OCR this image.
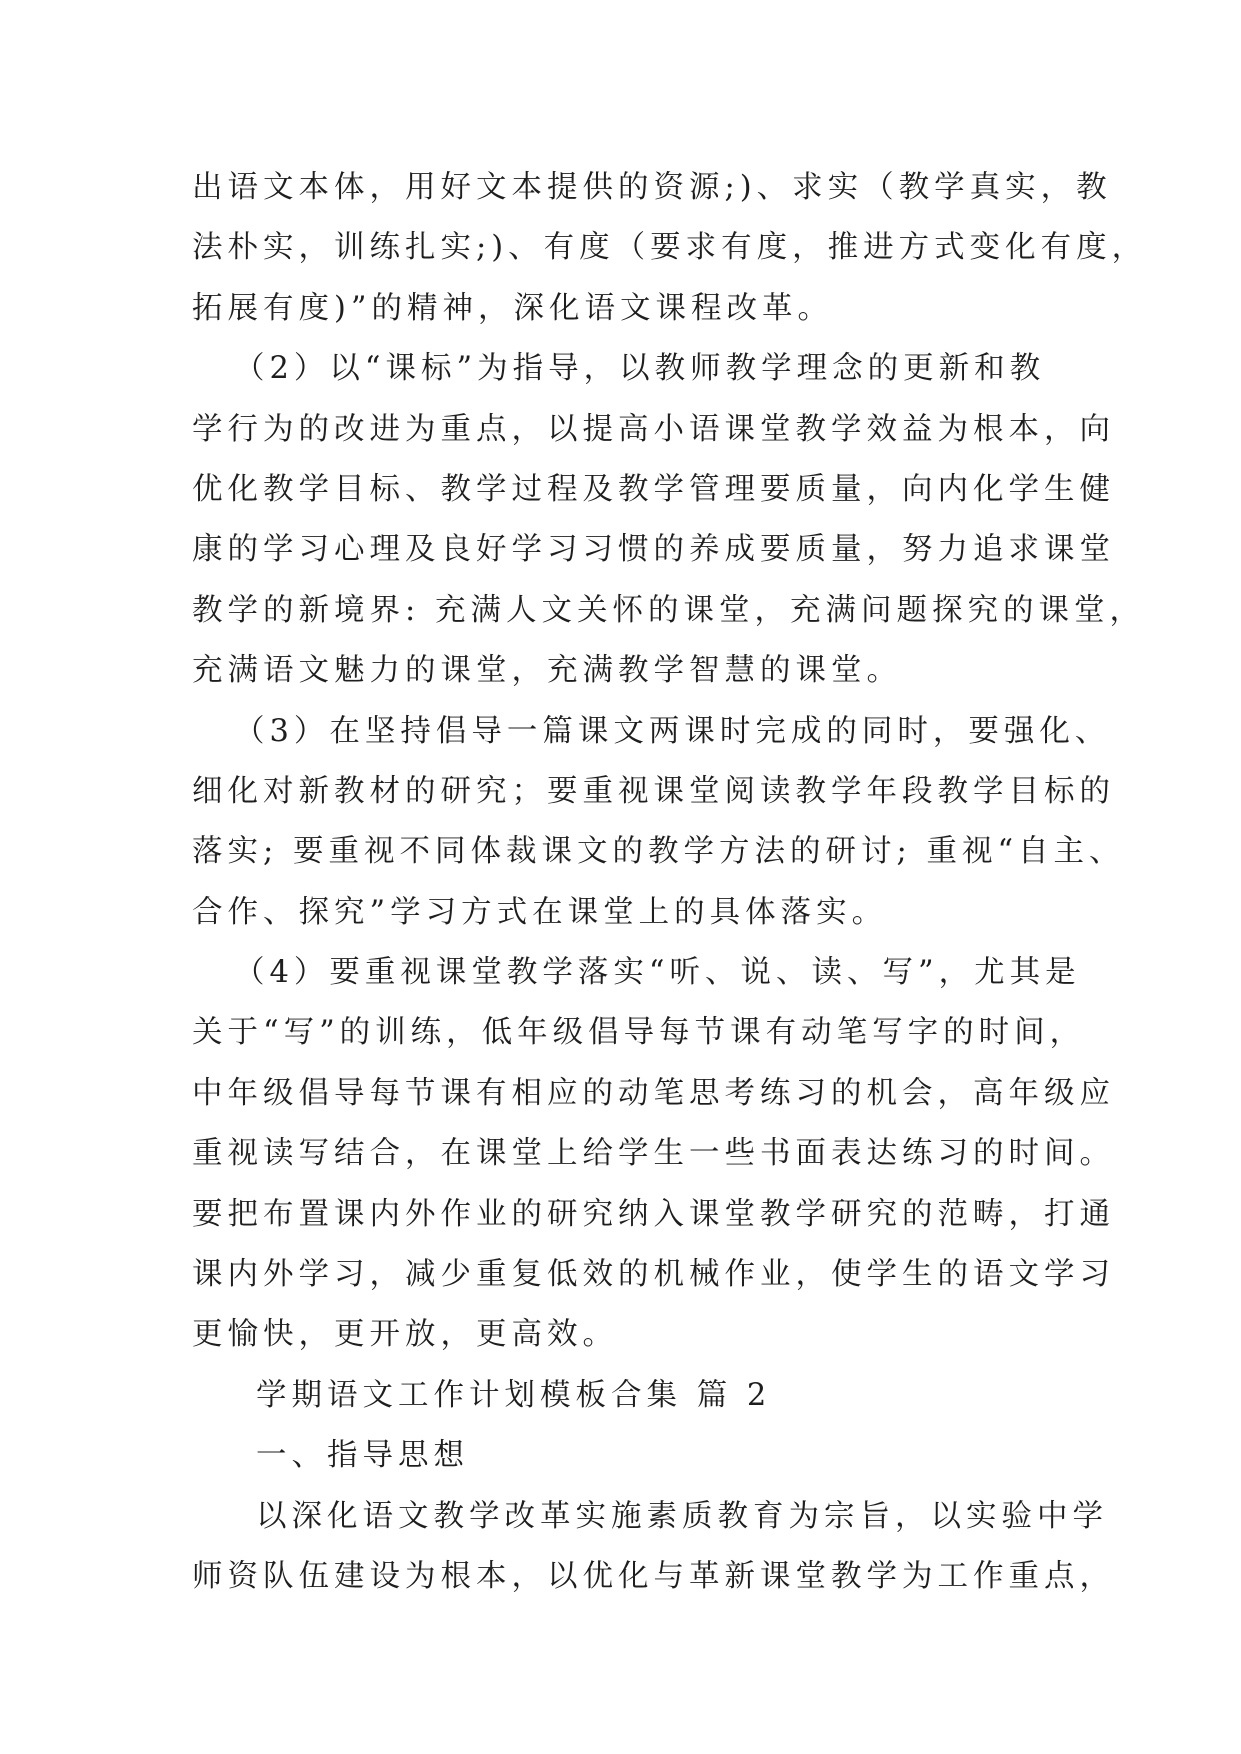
出语文本体，用好文本提供的资源;)、求实（教学真实，教
法朴实，训练扎实;)、有度（要求有度，推进方式变化有度，
拓展有度)”的精神，深化语文课程改革。
（2）以“课标”为指导，以教师教学理念的更新和教
学行为的改进为重点，以提高小语课堂教学效益为根本，向
优化教学目标、教学过程及教学管理要质量，向内化学生健
康的学习心理及良好学习习惯的养成要质量，努力追求课堂
教学的新境界: 充满人文关怀的课堂，充满问题探究的课堂，
充满语文魅力的课堂，充满教学智慧的课堂。
（3）在坚持倡导一篇课文两课时完成的同时，要强化、
细化对新教材的研究；要重视课堂阅读教学年段教学目标的
落实; 要重视不同体裁课文的教学方法的研讨; 重视“自主、
合作、探究”学习方式在课堂上的具体落实。
（4）要重视课堂教学落实“听、说、读、写”，尤其是
关于“写”的训练，低年级倡导每节课有动笔写字的时间，
中年级倡导每节课有相应的动笔思考练习的机会，高年级应
重视读写结合，在课堂上给学生一些书面表达练习的时间。
要把布置课内外作业的研究纳入课堂教学研究的范畴，打通
课内外学习，减少重复低效的机械作业，使学生的语文学习
更愉快，更开放，更高效。
学期语文工作计划模板合集 篇 2
一、指导思想
以深化语文教学改革实施素质教育为宗旨，以实验中学
师资队伍建设为根本，以优化与革新课堂教学为工作重点，
